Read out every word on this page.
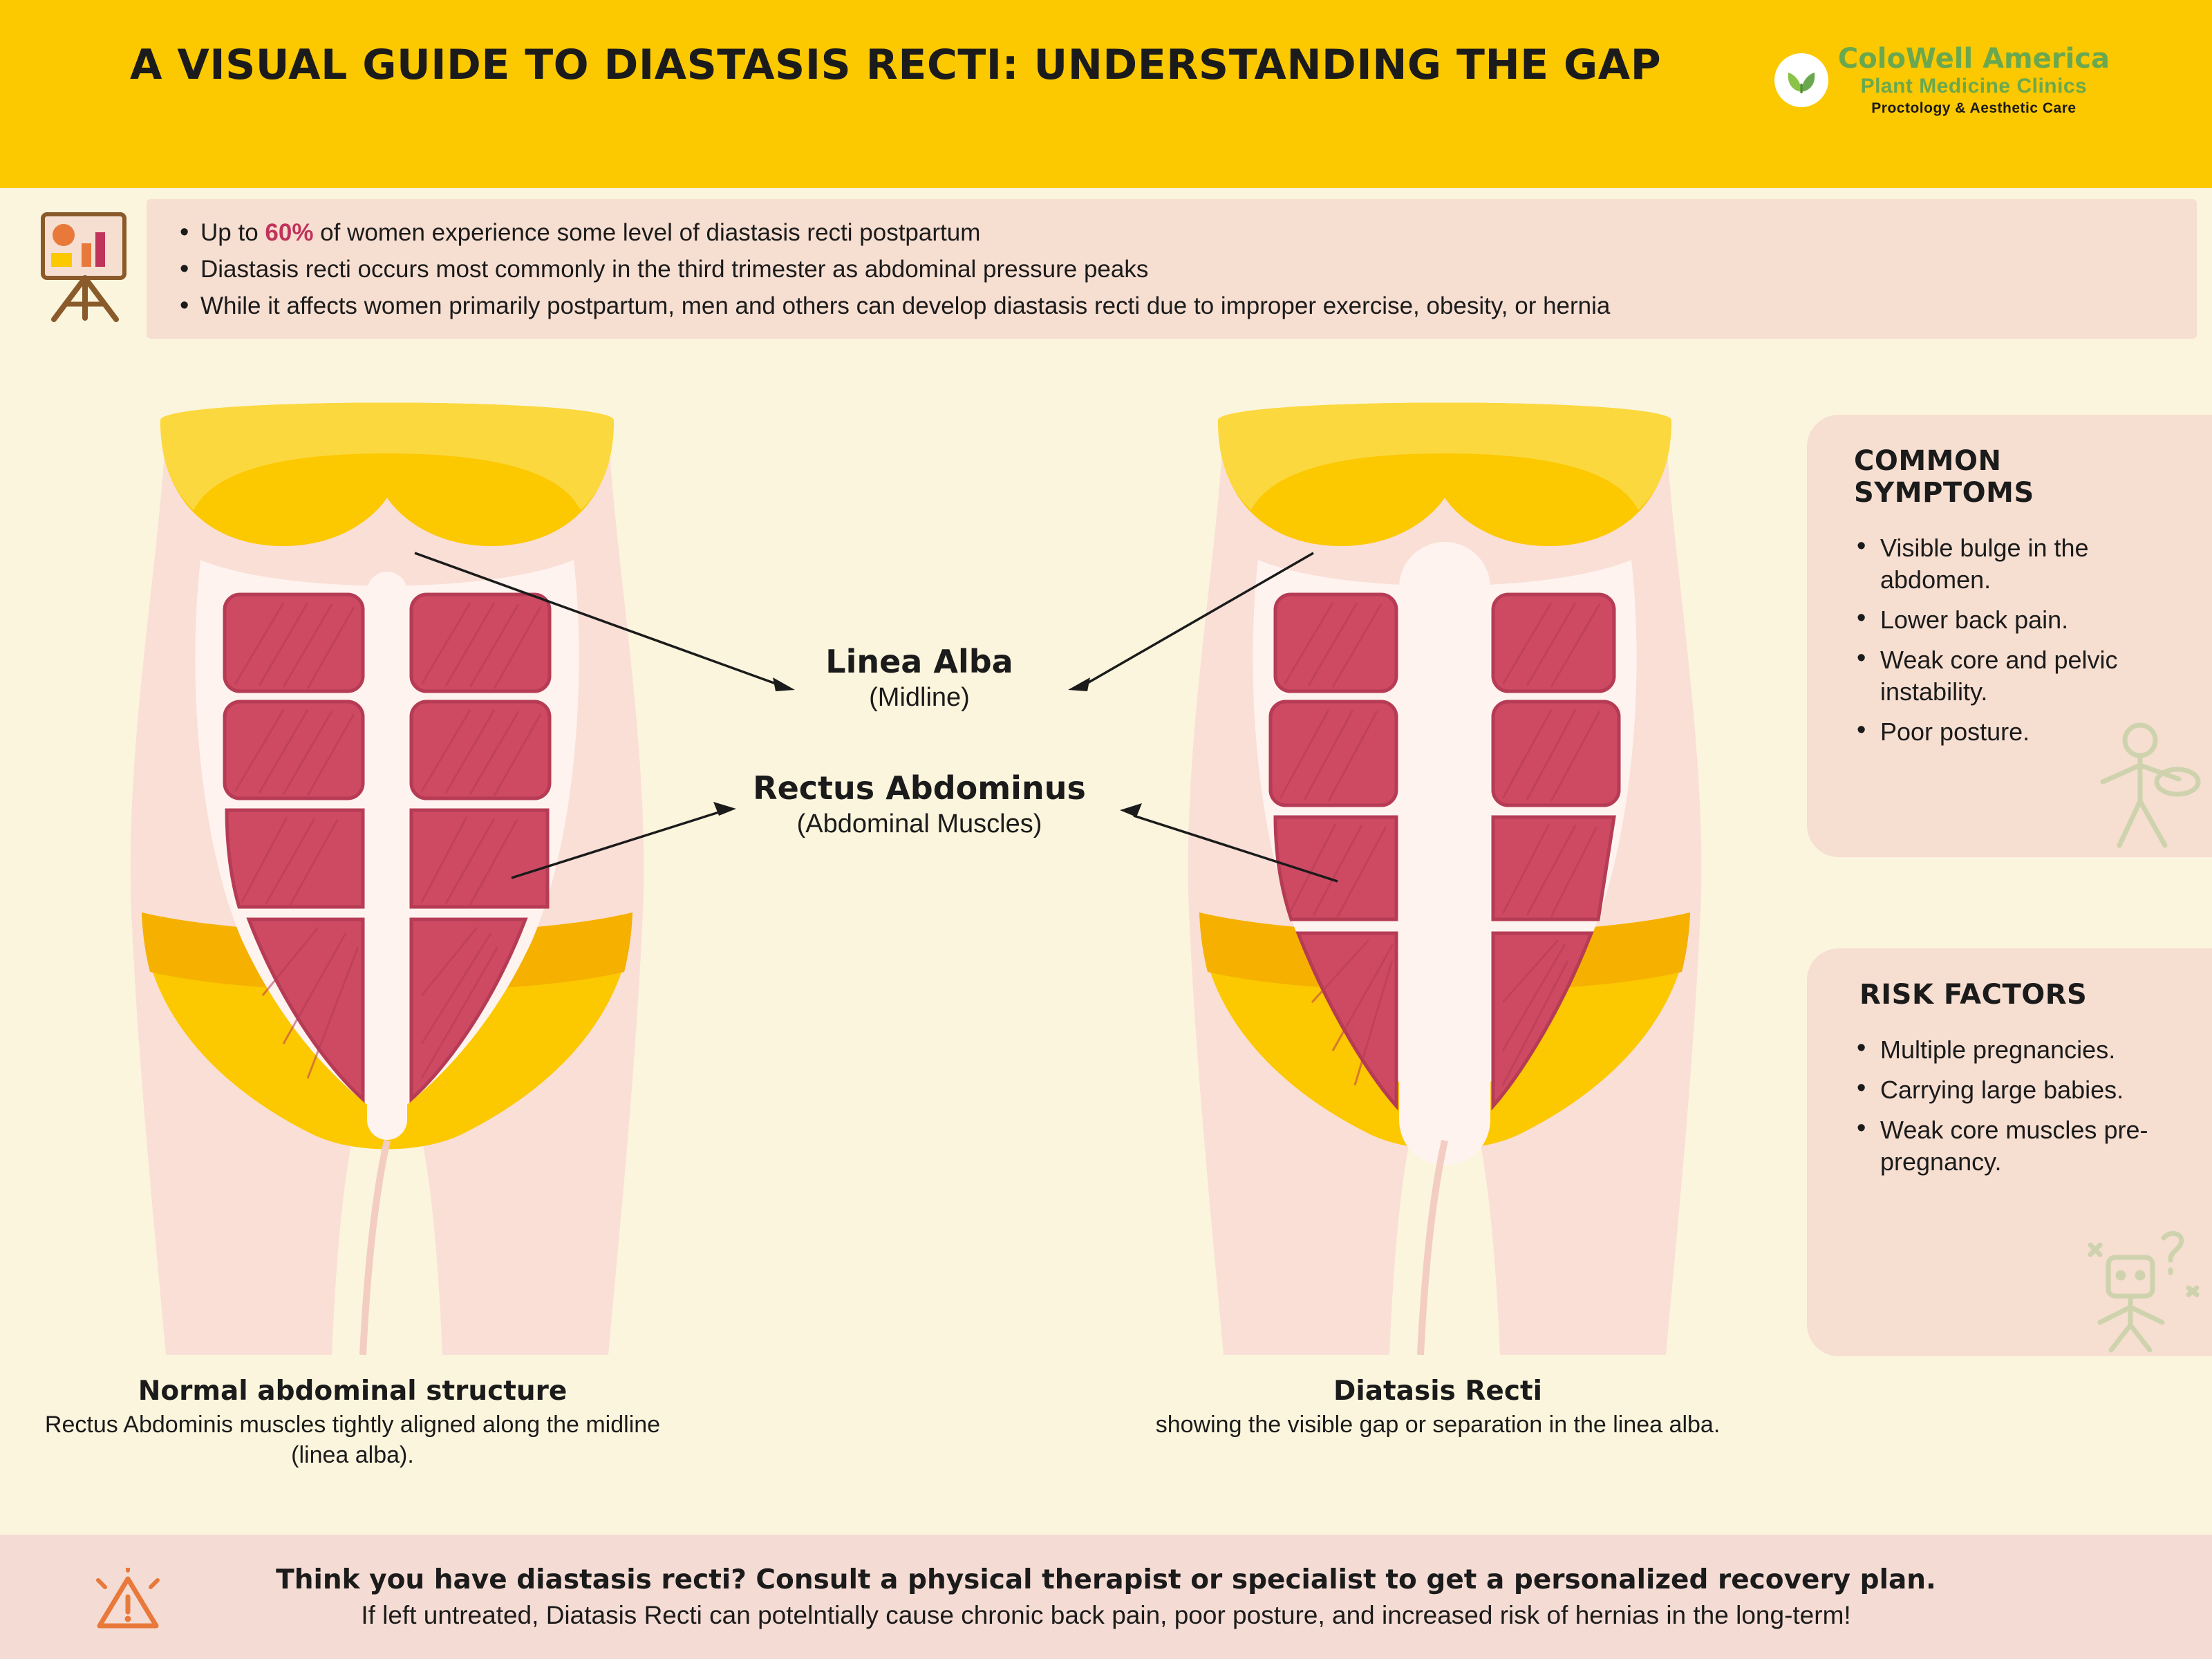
A VISUAL GUIDE TO DIASTASIS RECTI: UNDERSTANDING THE GAP	ColoWell America
Plant Medicine Clinics
Proctology & Aesthetic Care
• Up to 60% of women experience some level of diastasis recti postpartum
• Diastasis recti occurs most commonly in the third trimester as abdominal pressure peaks
• While it affects women primarily postpartum, men and others can develop diastasis recti due to improper exercise, obesity, or hernia
Linea Alba
(Midline)
Rectus Abdominus
(Abdominal Muscles)
Normal abdominal structure

Rectus Abdominis muscles tightly aligned along the midline (linea alba).

Diatasis Recti

showing the visible gap or separation in the linea alba.

COMMON SYMPTOMS
• Visible bulge in the abdomen.
• Lower back pain.
• Weak core and pelvic instability.
• Poor posture.
RISK FACTORS
• Multiple pregnancies.
• Carrying large babies.
• Weak core muscles pre-pregnancy.
Think you have diastasis recti? Consult a physical therapist or specialist to get a personalized recovery plan.
If left untreated, Diatasis Recti can potelntially cause chronic back pain, poor posture, and increased risk of hernias in the long-term!
